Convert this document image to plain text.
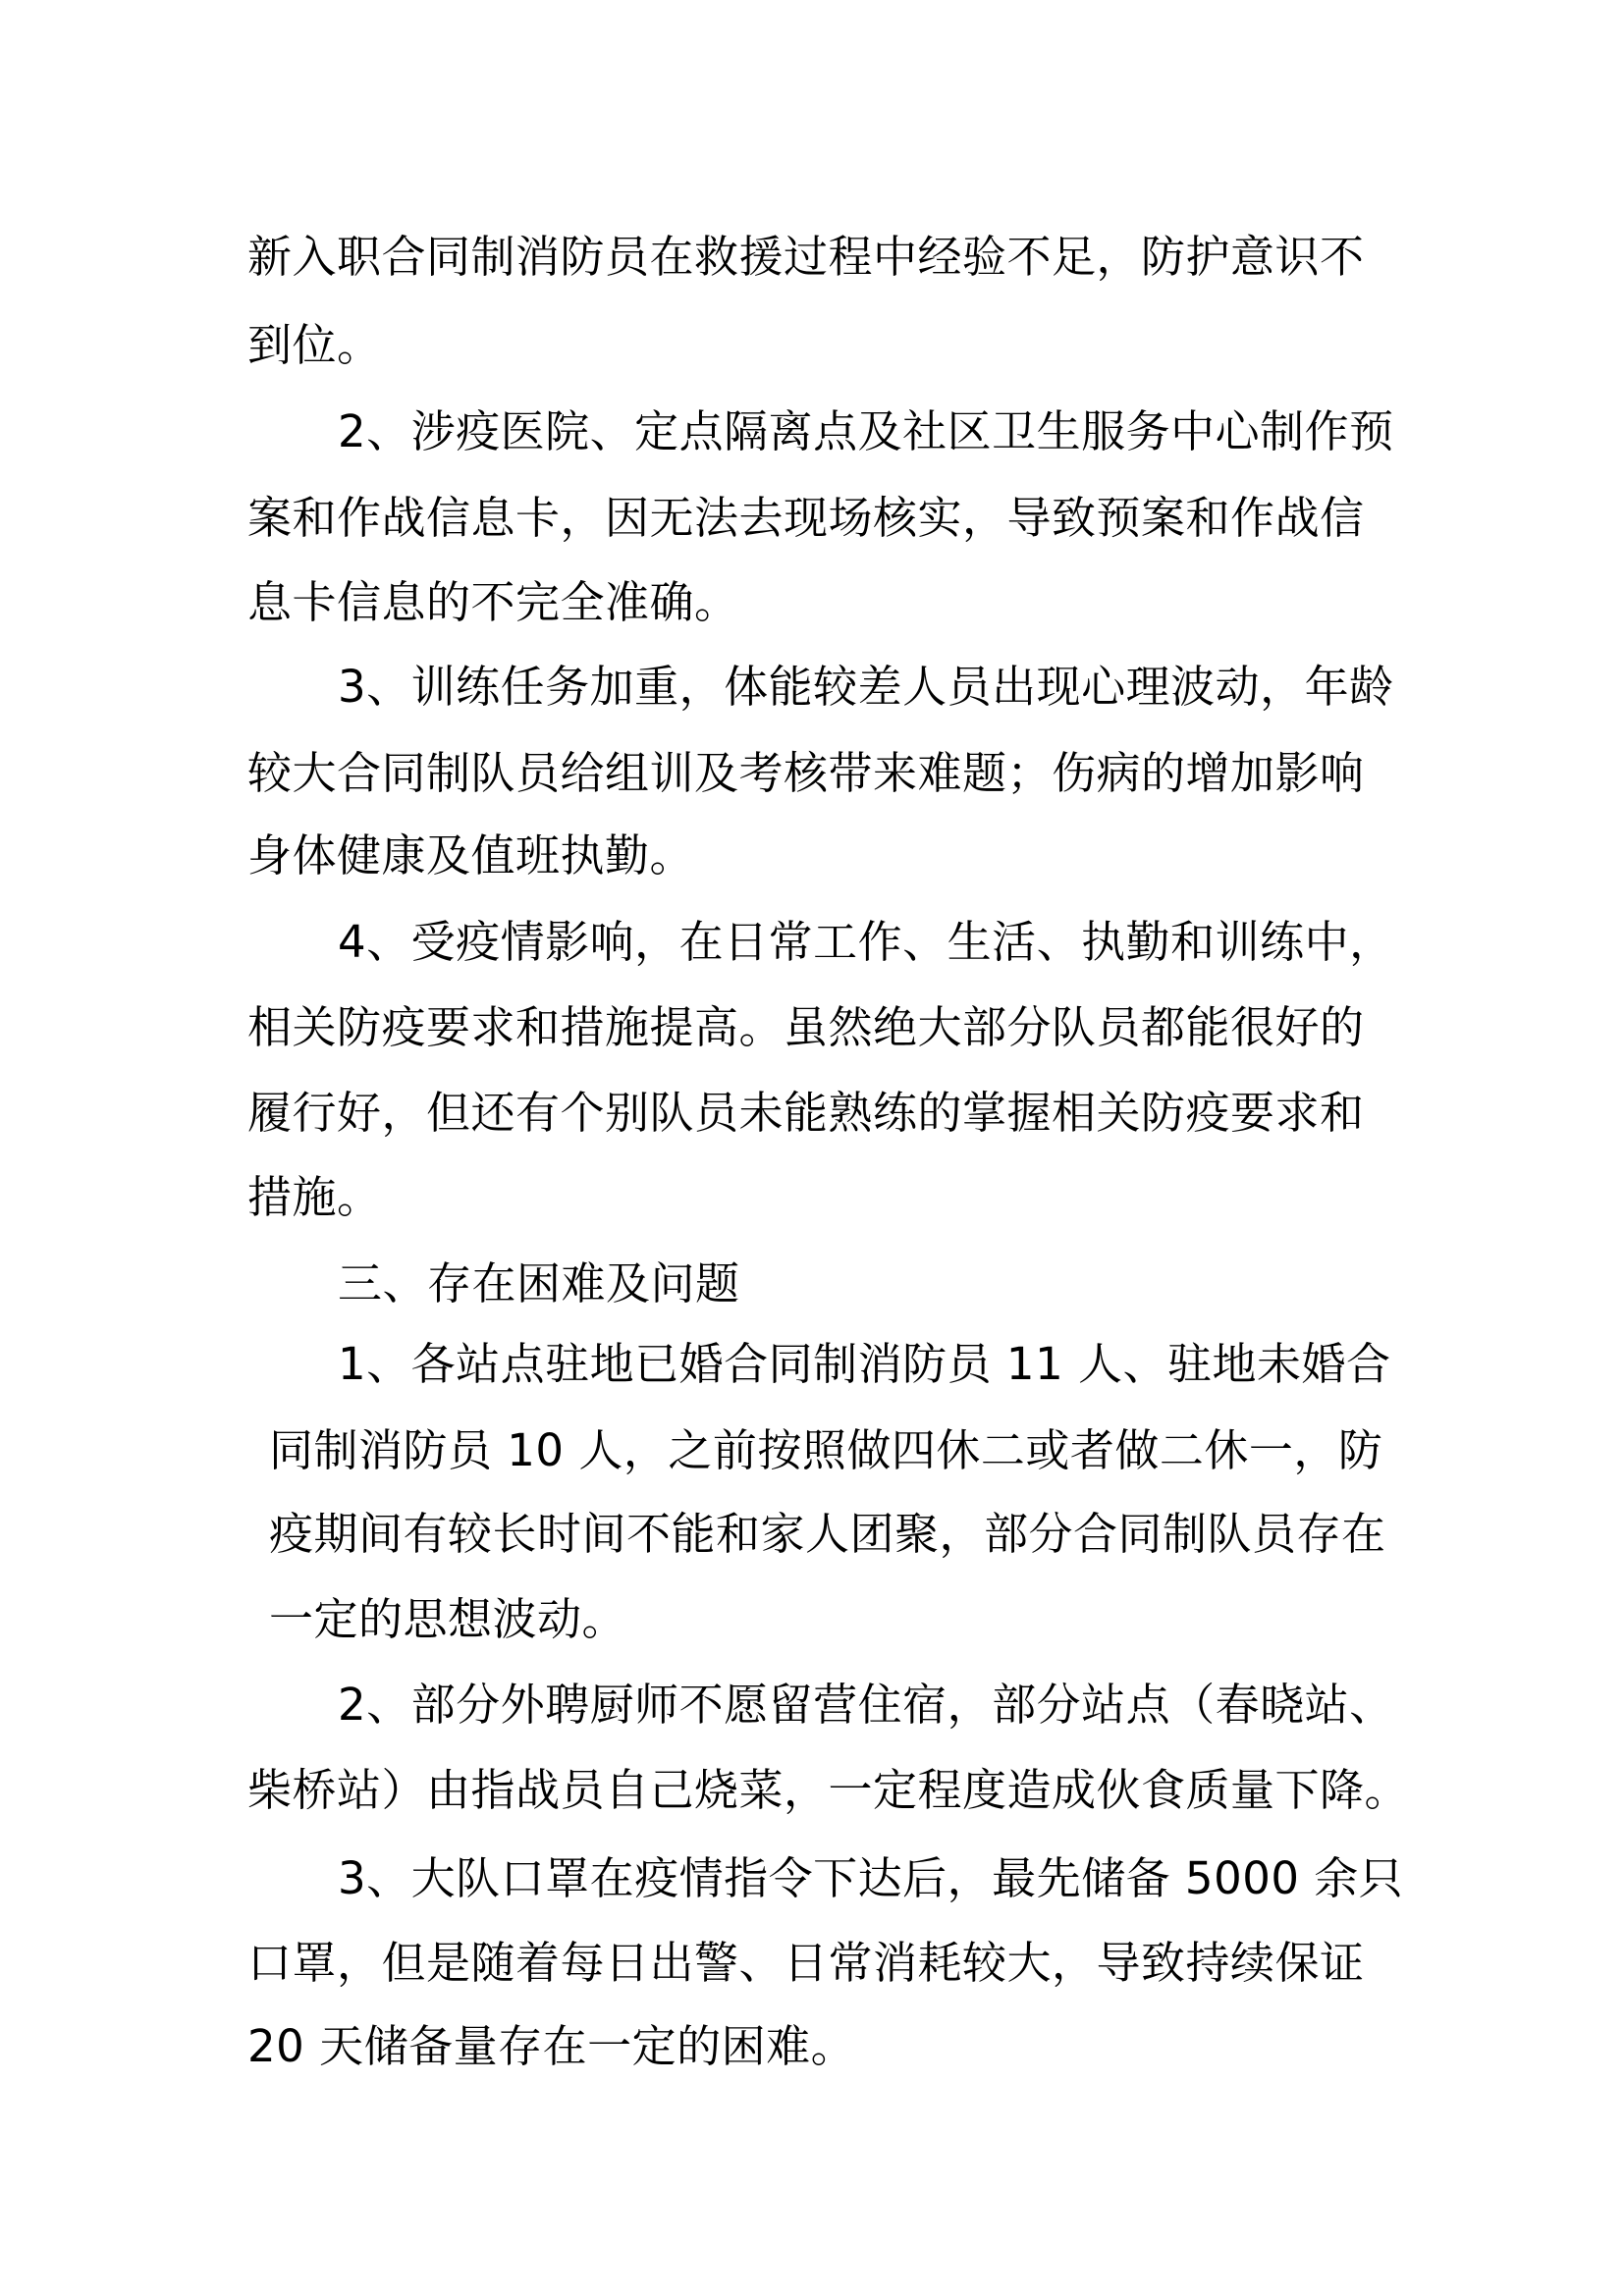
新入职合同制消防员在救援过程中经验不足，防护意识不
到位。
2、涉疫医院、定点隔离点及社区卫生服务中心制作预
案和作战信息卡，因无法去现场核实，导致预案和作战信
息卡信息的不完全准确。
3、训练任务加重，体能较差人员出现心理波动，年龄
较大合同制队员给组训及考核带来难题；伤病的增加影响
身体健康及值班执勤。
4、受疫情影响，在日常工作、生活、执勤和训练中，
相关防疫要求和措施提高。虽然绝大部分队员都能很好的
履行好，但还有个别队员未能熟练的掌握相关防疫要求和
措施。
三、存在困难及问题
1、各站点驻地已婚合同制消防员 11 人、驻地未婚合
同制消防员 10 人，之前按照做四休二或者做二休一，防
疫期间有较长时间不能和家人团聚，部分合同制队员存在
一定的思想波动。
2、部分外聘厨师不愿留营住宿，部分站点（春晓站、
柴桥站）由指战员自己烧菜，一定程度造成伙食质量下降。
3、大队口罩在疫情指令下达后，最先储备 5000 余只
口罩，但是随着每日出警、日常消耗较大，导致持续保证
20 天储备量存在一定的困难。
